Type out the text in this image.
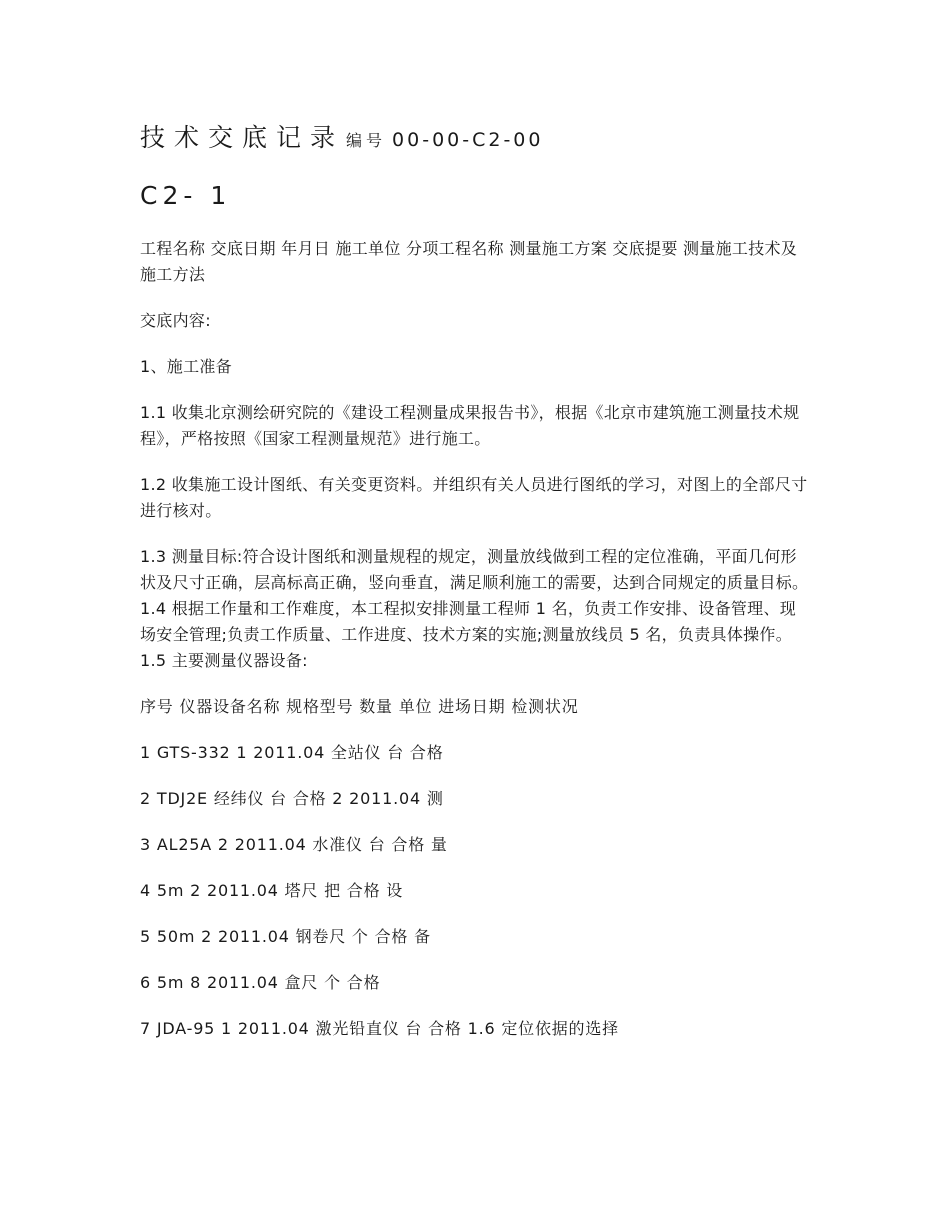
技术交底记录 编号 00-00-C2-00
C2- 1

工程名称 交底日期 年月日 施工单位 分项工程名称 测量施工方案 交底提要 测量施工技术及施工方法

交底内容:

1、施工准备

1.1 收集北京测绘研究院的《建设工程测量成果报告书》，根据《北京市建筑施工测量技术规程》，严格按照《国家工程测量规范》进行施工。

1.2 收集施工设计图纸、有关变更资料。并组织有关人员进行图纸的学习，对图上的全部尺寸进行核对。

1.3 测量目标:符合设计图纸和测量规程的规定，测量放线做到工程的定位准确，平面几何形状及尺寸正确，层高标高正确，竖向垂直，满足顺利施工的需要，达到合同规定的质量目标。 1.4 根据工作量和工作难度，本工程拟安排测量工程师 1 名，负责工作安排、设备管理、现场安全管理;负责工作质量、工作进度、技术方案的实施;测量放线员 5 名，负责具体操作。 1.5 主要测量仪器设备:

序号 仪器设备名称 规格型号 数量 单位 进场日期 检测状况

1 GTS-332 1 2011.04 全站仪 台 合格

2 TDJ2E 经纬仪 台 合格 2 2011.04 测

3 AL25A 2 2011.04 水准仪 台 合格 量

4 5m 2 2011.04 塔尺 把 合格 设

5 50m 2 2011.04 钢卷尺 个 合格 备

6 5m 8 2011.04 盒尺 个 合格

7 JDA-95 1 2011.04 激光铅直仪 台 合格 1.6 定位依据的选择
